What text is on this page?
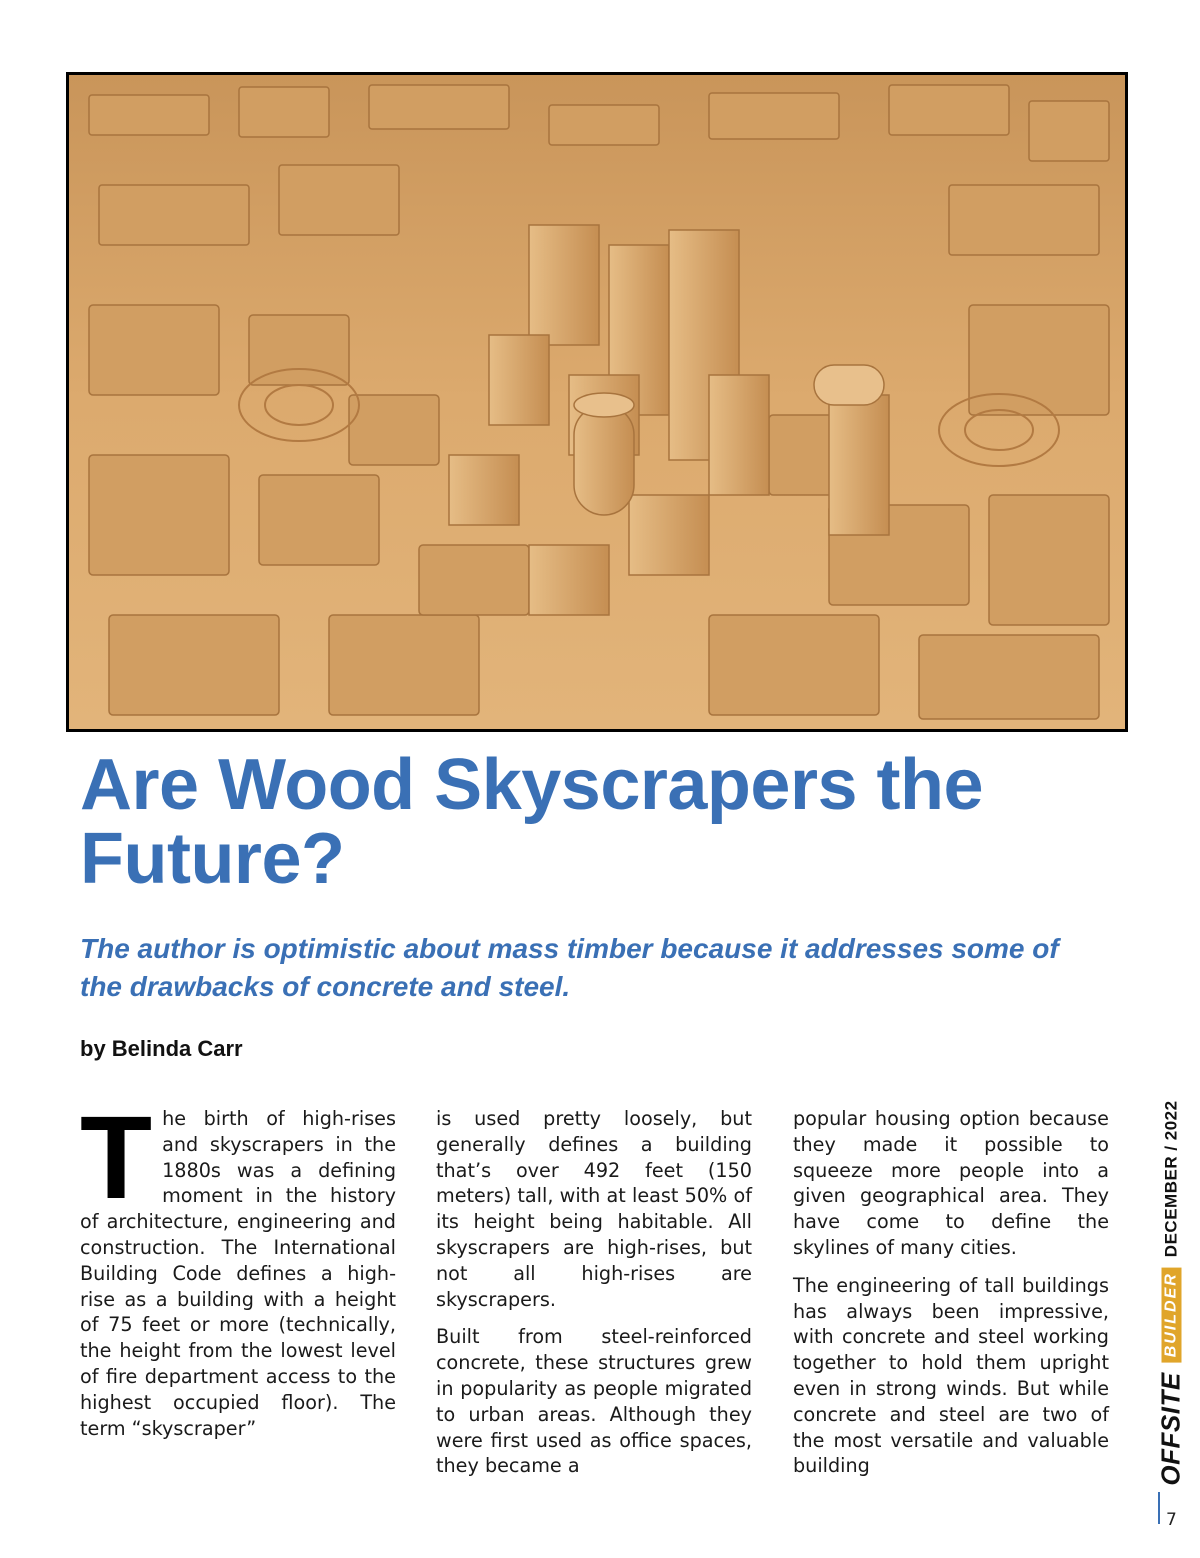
Are Wood Skyscrapers the Future?

The author is optimistic about mass timber because it addresses some of the drawbacks of concrete and steel.

by Belinda Carr

The birth of high-rises and skyscrapers in the 1880s was a defining moment in the history of architecture, engineering and construction. The International Building Code defines a high-rise as a building with a height of 75 feet or more (technically, the height from the lowest level of fire department access to the highest occupied floor). The term “skyscraper”

is used pretty loosely, but generally defines a building that’s over 492 feet (150 meters) tall, with at least 50% of its height being habitable. All skyscrapers are high-rises, but not all high-rises are skyscrapers.

Built from steel-reinforced concrete, these structures grew in popularity as people migrated to urban areas. Although they were first used as office spaces, they became a

popular housing option because they made it possible to squeeze more people into a given geographical area. They have come to define the skylines of many cities.

The engineering of tall buildings has always been impressive, with concrete and steel working together to hold them upright even in strong winds. But while concrete and steel are two of the most versatile and valuable building	OFFSITE
BUILDER
DECEMBER / 2022
7
